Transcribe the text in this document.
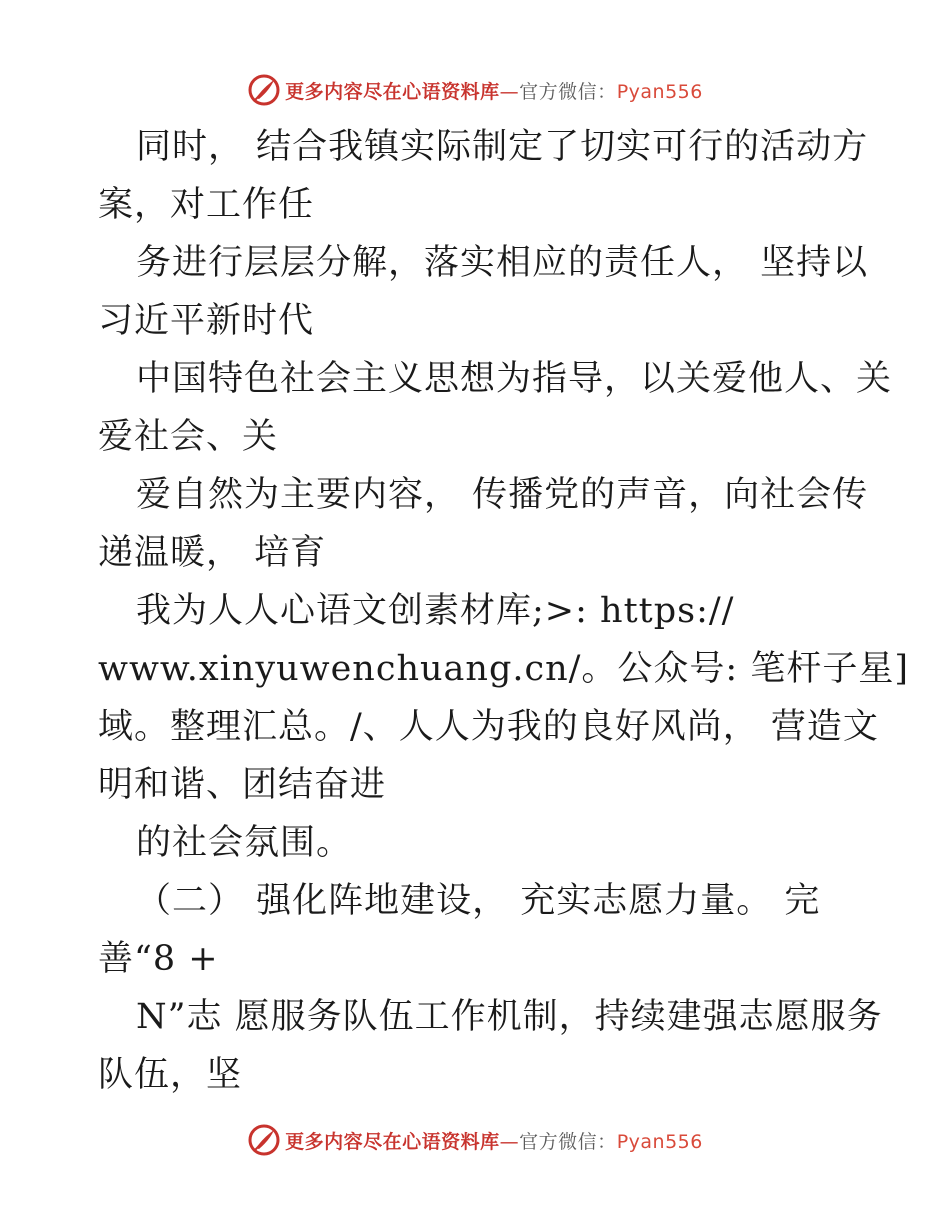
更多内容尽在心语资料库—官方微信：Pyan556
同时， 结合我镇实际制定了切实可行的活动方
案，对工作任
务进行层层分解，落实相应的责任人， 坚持以
习近平新时代
中国特色社会主义思想为指导，以关爱他人、关
爱社会、关
爱自然为主要内容， 传播党的声音，向社会传
递温暖， 培育
我为人人心语文创素材库;>: https://
www.xinyuwenchuang.cn/。公众号: 笔杆子星]
域。整理汇总。/、人人为我的良好风尚， 营造文
明和谐、团结奋进
的社会氛围。
（二） 强化阵地建设， 充实志愿力量。 完
善“8 +
N”志 愿服务队伍工作机制，持续建强志愿服务
队伍，坚
更多内容尽在心语资料库—官方微信：Pyan556
